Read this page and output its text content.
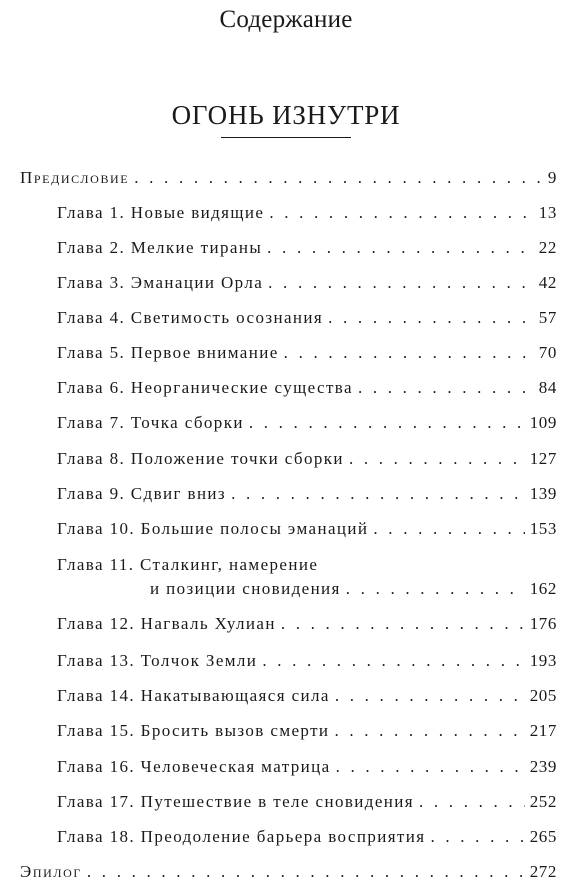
Содержание
ОГОНЬ ИЗНУТРИ
Предисловие . . .	9
Глава 1. Новые видящие . . .	13
Глава 2. Мелкие тираны . . .	22
Глава 3. Эманации Орла . . .	42
Глава 4. Светимость осознания . . .	57
Глава 5. Первое внимание . . .	70
Глава 6. Неорганические существа . . .	84
Глава 7. Точка сборки . . .	109
Глава 8. Положение точки сборки . . .	127
Глава 9. Сдвиг вниз . . .	139
Глава 10. Большие полосы эманаций . . .	153
Глава 11. Сталкинг, намерение
и позиции сновидения . . .	162
Глава 12. Нагваль Хулиан . . .	176
Глава 13. Толчок Земли . . .	193
Глава 14. Накатывающаяся сила . . .	205
Глава 15. Бросить вызов смерти . . .	217
Глава 16. Человеческая матрица . . .	239
Глава 17. Путешествие в теле сновидения . . .	252
Глава 18. Преодоление барьера восприятия . . .	265
Эпилог . . .	272
